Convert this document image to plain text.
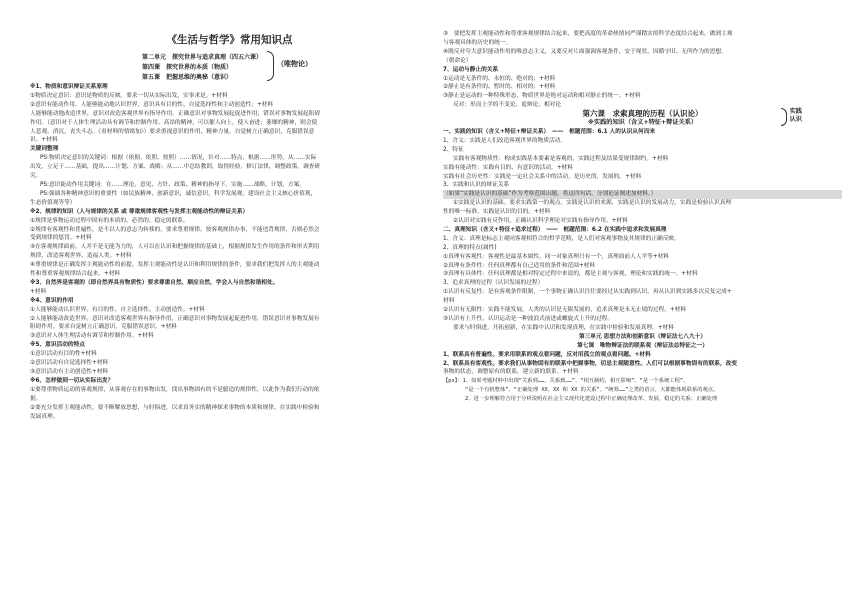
《生活与哲学》常用知识点
第二单元　探究世界与追求真理（四五六课）
第四课　探究世界的本质（物质）
第五课　把握思维的奥秘（意识）
（唯物论）

※1、物质和意识辩证关系原理

①物质决定意识：意识是物质的反映。要求一切从实际出发，实事求是。+材料

②意识有能动作用。人能够能动地认识世界，意识具有目的性、自觉选择性和主动创造性；+材料

人能够能动地改造世界，意识对改造客观世界有指导作用。正确意识对事物发展起促进作用，错误对事物发展起阻碍

作用。（意识对于人体生理活动具有调节和控制作用。高昂的精神，可以催人向上，使人奋进；萎靡的精神，则会使

人悲观、消沉，丧失斗志。《看材料的情绪加》）要求重视意识的作用、精神力量，自觉树立正确意识，克服错误意

识。+材料

关键词整理

PS:物质决定意识的关键词：根据（依据、依照、按照）……情况，针对……特点，根据……形势，从……实际

出发，立足于……基础，提出……计划、方案、战略；从……中总结教训，取得经验，修订法律，调整政策，调查研

究。

PS:意识能动作用关键词：在……理论，意见、方针、政策、精神的指导下。实施……战略，计划，方案。

PS:强调各种精神意识的重要性（如民族精神，创新意识，诚信意识，科学发展观，建设社会主义核心价值观，

生态价值观等等）

※2、规律的知识（人与规律的关系 或 尊重规律客观性与发挥主观能动性的辩证关系）

①规律是事物运动过程中固有的本质的、必然的、稳定的联系。

②规律有客观性和普遍性，是不以人的意志为转移的，要求尊重规律，按客观规律办事，不能违背规律，否则必然会

受到规律的惩罚。+材料

③在客观规律面前，人并不是无能为力的，人可以在认识和把握规律的基础上，根据规律发生作用的条件和形式利用

规律，改造客观世界、造福人类。+材料

④尊重规律是正确发挥主观能动性的前提。发挥主观能动性是认识和利用规律的条件，要求我们把发挥人的主观能动

性和尊重客观规律结合起来。+材料

※3、自然界是客观的（即自然界具有物质性）要求尊重自然、顺应自然，学会人与自然和谐相处。

+材料

※4、意识的作用

①人能够能动认识世界，有目的性、自主选择性、主动创造性。+材料

②人能够能动改造世界，意识对改造客观世界有指导作用，正确意识对事物发展起促进作用，错误意识对事物发展有

阻碍作用。要求自觉树立正确意识，克服错误意识。+材料

③意识对人体生理活动有调节和控制作用。+材料

※5、意识活动的特点

①意识活动有目的性+材料

②意识活动有自觉选择性+材料

③意识活动有主动创造性+材料

※6、怎样做到一切从实际出发？

①要尊重物质运动的客观规律，从客观存在的事物出发，找出事物固有的不是臆造的规律性，以此作为我们行动的依

据。

②要充分发挥主观能动性，要不断解放思想，与时俱进，以求真务实的精神探求事物的本质和规律，在实践中检验和

发展真理。

③　要把发挥主观能动性和尊重客观规律结合起来，要把高度的革命热情同严谨踏实的科学态度结合起来，做到主观

与客观具体的历史的统一。

④既反对夸大意识能动作用的唯意志主义，又要反对片面强调客观条件，安于现状、因循守旧、无所作为的思想。

（朝命论）

7、运动与静止的关系

①运动是无条件的、永恒的、绝对的；+材料

②静止是有条件的、暂时的、相对的；+材料

③静止是运动的一种特殊形态，物质世界是绝对运动和相对静止的统一。+材料

反对：形而上学的不变论、诡辩论、相对论

第六课　求索真理的历程（认识论）
※实践的知识（含义+特征+辩证关系）
实践
认识

一、实践的知识（含义+特征+辩证关系）　——　框题范围：6.1 人的认识从何而来

1、含义：实践是人们改造客观世界的物质活动。

2、特征

实践有客观物质性：构成实践基本要素是客观的，实践过程及结果受规律制约。+材料

实践有能动性：实践有目的、有意识的活动。+材料

实践有社会历史性：实践是一定社会关系中的活动，是历史的、发展的。+材料

3、实践和认识的辩证关系

（如果“实践是认识的基础”作为考察范围出题，将这四句话，分别论证阐述加材料。）

①实践是认识的基础。要求实践第一的观点。实践是认识的来源，实践是认识的发展动力，实践是检验认识真理

性的唯一标准，实践是认识的目的。+材料

②认识对实践有反作用，正确认识科学理论对实践有指导作用。+材料

二、真理知识（含义+特征+追求过程）　——　框题范围：6.2 在实践中追求和发展真理

1、含义：真理是标志主观同客观相符合的哲学范畴，是人们对客观事物及其规律的正确反映。

2、真理的特点(属性)

①真理有客观性：客观性是最基本属性，同一对象真理只有一个，真理面前人人平等+材料

②真理有条件性：任何真理都有自己适用的条件和范围+材料

③真理有具体性：任何真理都是相对特定过程中来说的，都是主观与客观，理论和实践的统一。+材料

3、追求真理的过程（认识发展的过程）

①认识有反复性：是有客观条件限制，一个事物正确认识往往要经过从实践到认识，再从认识到实践多次反复完成+

材料

②认识有无限性：实践不能发展，人类的认识是无限发展的，追求真理是永无止境的过程。+材料

③认识有上升性，认识运动是一种波浪式前进或螺旋式上升的过程。

要求与时俱进，开拓创新，在实践中认识和发现真理，在实践中检验和发展真理。+材料

第三单元 思想方法和创新意识（辩证法七八九十）
第七课　唯物辩证法的联系观（辩证法总特征之一）

1、联系具有普遍性。要求用联系的观点看问题，反对用孤立的观点看问题。+材料

2、联系具有客观性。要求我们从事物固有的联系中把握事物，切忌主观随意性。人们可以根据事物固有的联系，改变

事物的状态，调整原有的联系，建立新的联系。+材料

【ps】：1、如果考题材料中出现“关系到……，关系到……”、“相互制约，相互影响”、“是一个系统工程”、

“是一个有机整体”、“正确处理 XX、XX 和 XX 的关系”、“统筹……”之类的语言，大都能体现联系的观点。

2、进一步理解符合用于分析说明在社会主义现代化建设过程中正确处理改革、发展、稳定的关系；正确处理
